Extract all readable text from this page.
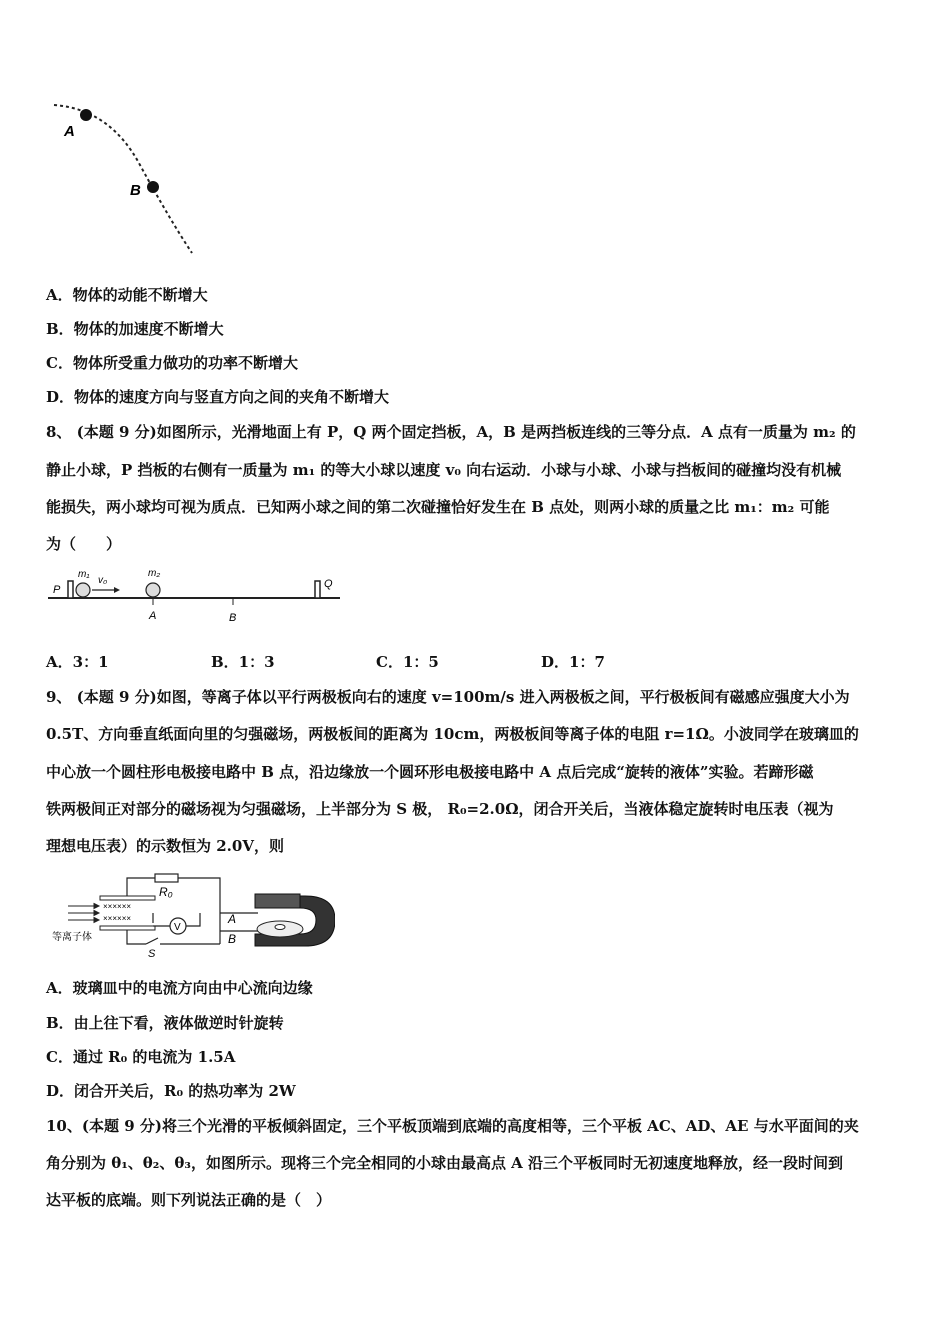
A
B
A．物体的动能不断增大
B．物体的加速度不断增大
C．物体所受重力做功的功率不断增大
D．物体的速度方向与竖直方向之间的夹角不断增大
8、 (本题 9 分)如图所示，光滑地面上有 P，Q 两个固定挡板，A，B 是两挡板连线的三等分点．A 点有一质量为 m₂ 的
静止小球，P 挡板的右侧有一质量为 m₁ 的等大小球以速度 v₀ 向右运动．小球与小球、小球与挡板间的碰撞均没有机械
能损失，两小球均可视为质点．已知两小球之间的第二次碰撞恰好发生在 B 点处，则两小球的质量之比 m₁：m₂ 可能
为（　　）
P	Q
m₁
v₀
m₂
A	B
A．3：1	B．1：3	C．1：5	D．1：7
9、 (本题 9 分)如图，等离子体以平行两极板向右的速度 v=100m/s 进入两极板之间，平行极板间有磁感应强度大小为
0.5T、方向垂直纸面向里的匀强磁场，两极板间的距离为 10cm，两极板间等离子体的电阻 r=1Ω。小波同学在玻璃皿的
中心放一个圆柱形电极接电路中 B 点，沿边缘放一个圆环形电极接电路中 A 点后完成“旋转的液体”实验。若蹄形磁
铁两极间正对部分的磁场视为匀强磁场，上半部分为 S 极， R₀=2.0Ω，闭合开关后，当液体稳定旋转时电压表（视为
理想电压表）的示数恒为 2.0V，则
××××××
××××××
等离子体
R₀
V
S
A
B
A．玻璃皿中的电流方向由中心流向边缘
B．由上往下看，液体做逆时针旋转
C．通过 R₀ 的电流为 1.5A
D．闭合开关后，R₀ 的热功率为 2W
10、(本题 9 分)将三个光滑的平板倾斜固定，三个平板顶端到底端的高度相等，三个平板 AC、AD、AE 与水平面间的夹
角分别为 θ₁、θ₂、θ₃，如图所示。现将三个完全相同的小球由最高点 A 沿三个平板同时无初速度地释放，经一段时间到
达平板的底端。则下列说法正确的是（　）
